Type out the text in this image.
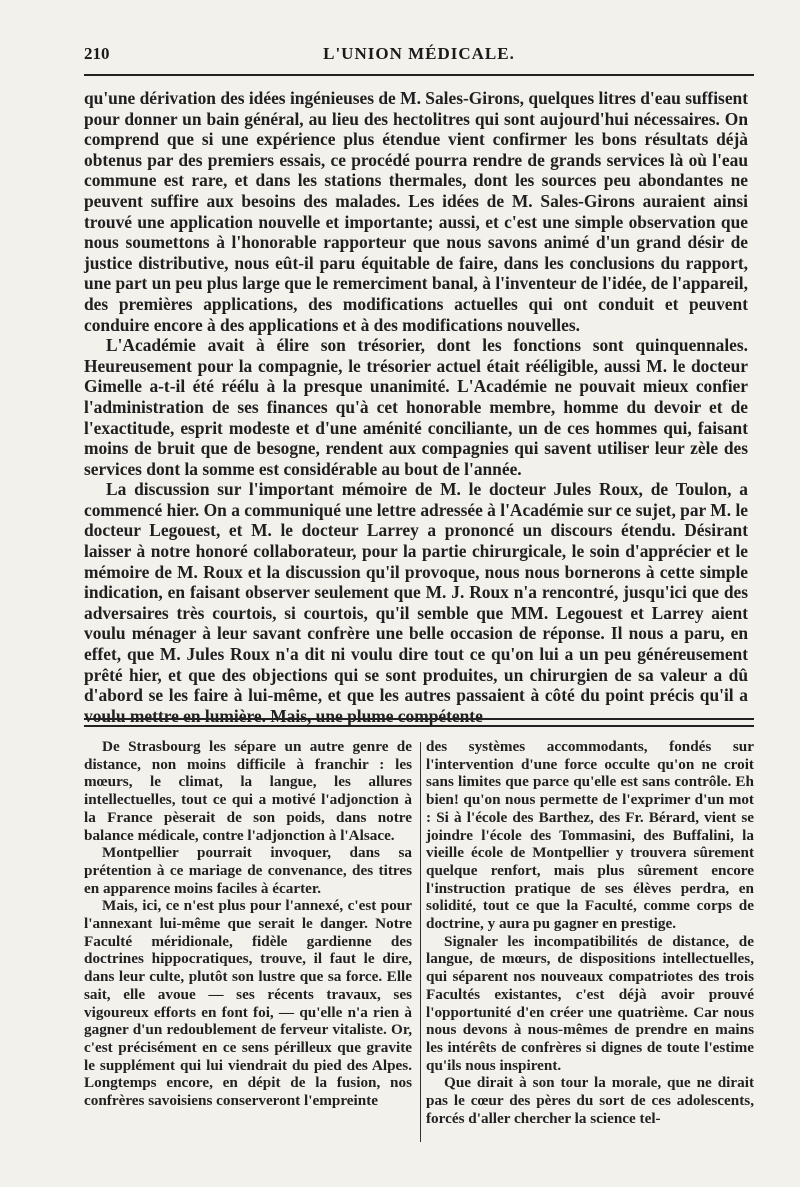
210	L'UNION MÉDICALE.

qu'une dérivation des idées ingénieuses de M. Sales-Girons, quelques litres d'eau suffisent pour donner un bain général, au lieu des hectolitres qui sont aujourd'hui nécessaires. On comprend que si une expérience plus étendue vient confirmer les bons résultats déjà obtenus par des premiers essais, ce procédé pourra rendre de grands services là où l'eau commune est rare, et dans les stations thermales, dont les sources peu abondantes ne peuvent suffire aux besoins des malades. Les idées de M. Sales-Girons auraient ainsi trouvé une application nouvelle et importante; aussi, et c'est une simple observation que nous soumettons à l'honorable rapporteur que nous savons animé d'un grand désir de justice distributive, nous eût-il paru équitable de faire, dans les conclusions du rapport, une part un peu plus large que le remerciment banal, à l'inventeur de l'idée, de l'appareil, des premières applications, des modifications actuelles qui ont conduit et peuvent conduire encore à des applications et à des modifications nouvelles.

L'Académie avait à élire son trésorier, dont les fonctions sont quinquennales. Heureusement pour la compagnie, le trésorier actuel était rééligible, aussi M. le docteur Gimelle a-t-il été réélu à la presque unanimité. L'Académie ne pouvait mieux confier l'administration de ses finances qu'à cet honorable membre, homme du devoir et de l'exactitude, esprit modeste et d'une aménité conciliante, un de ces hommes qui, faisant moins de bruit que de besogne, rendent aux compagnies qui savent utiliser leur zèle des services dont la somme est considérable au bout de l'année.

La discussion sur l'important mémoire de M. le docteur Jules Roux, de Toulon, a commencé hier. On a communiqué une lettre adressée à l'Académie sur ce sujet, par M. le docteur Legouest, et M. le docteur Larrey a prononcé un discours étendu. Désirant laisser à notre honoré collaborateur, pour la partie chirurgicale, le soin d'apprécier et le mémoire de M. Roux et la discussion qu'il provoque, nous nous bornerons à cette simple indication, en faisant observer seulement que M. J. Roux n'a rencontré, jusqu'ici que des adversaires très courtois, si courtois, qu'il semble que MM. Legouest et Larrey aient voulu ménager à leur savant confrère une belle occasion de réponse. Il nous a paru, en effet, que M. Jules Roux n'a dit ni voulu dire tout ce qu'on lui a un peu généreusement prêté hier, et que des objections qui se sont produites, un chirurgien de sa valeur a dû d'abord se les faire à lui-même, et que les autres passaient à côté du point précis qu'il a voulu mettre en lumière. Mais, une plume compétente

De Strasbourg les sépare un autre genre de distance, non moins difficile à franchir : les mœurs, le climat, la langue, les allures intellectuelles, tout ce qui a motivé l'adjonction à la France pèserait de son poids, dans notre balance médicale, contre l'adjonction à l'Alsace.

Montpellier pourrait invoquer, dans sa prétention à ce mariage de convenance, des titres en apparence moins faciles à écarter.

Mais, ici, ce n'est plus pour l'annexé, c'est pour l'annexant lui-même que serait le danger. Notre Faculté méridionale, fidèle gardienne des doctrines hippocratiques, trouve, il faut le dire, dans leur culte, plutôt son lustre que sa force. Elle sait, elle avoue — ses récents travaux, ses vigoureux efforts en font foi, — qu'elle n'a rien à gagner d'un redoublement de ferveur vitaliste. Or, c'est précisément en ce sens périlleux que gravite le supplément qui lui viendrait du pied des Alpes. Longtemps encore, en dépit de la fusion, nos confrères savoisiens conserveront l'empreinte

des systèmes accommodants, fondés sur l'intervention d'une force occulte qu'on ne croit sans limites que parce qu'elle est sans contrôle. Eh bien! qu'on nous permette de l'exprimer d'un mot : Si à l'école des Barthez, des Fr. Bérard, vient se joindre l'école des Tommasini, des Buffalini, la vieille école de Montpellier y trouvera sûrement quelque renfort, mais plus sûrement encore l'instruction pratique de ses élèves perdra, en solidité, tout ce que la Faculté, comme corps de doctrine, y aura pu gagner en prestige.

Signaler les incompatibilités de distance, de langue, de mœurs, de dispositions intellectuelles, qui séparent nos nouveaux compatriotes des trois Facultés existantes, c'est déjà avoir prouvé l'opportunité d'en créer une quatrième. Car nous nous devons à nous-mêmes de prendre en mains les intérêts de confrères si dignes de toute l'estime qu'ils nous inspirent.

Que dirait à son tour la morale, que ne dirait pas le cœur des pères du sort de ces adolescents, forcés d'aller chercher la science tel-
